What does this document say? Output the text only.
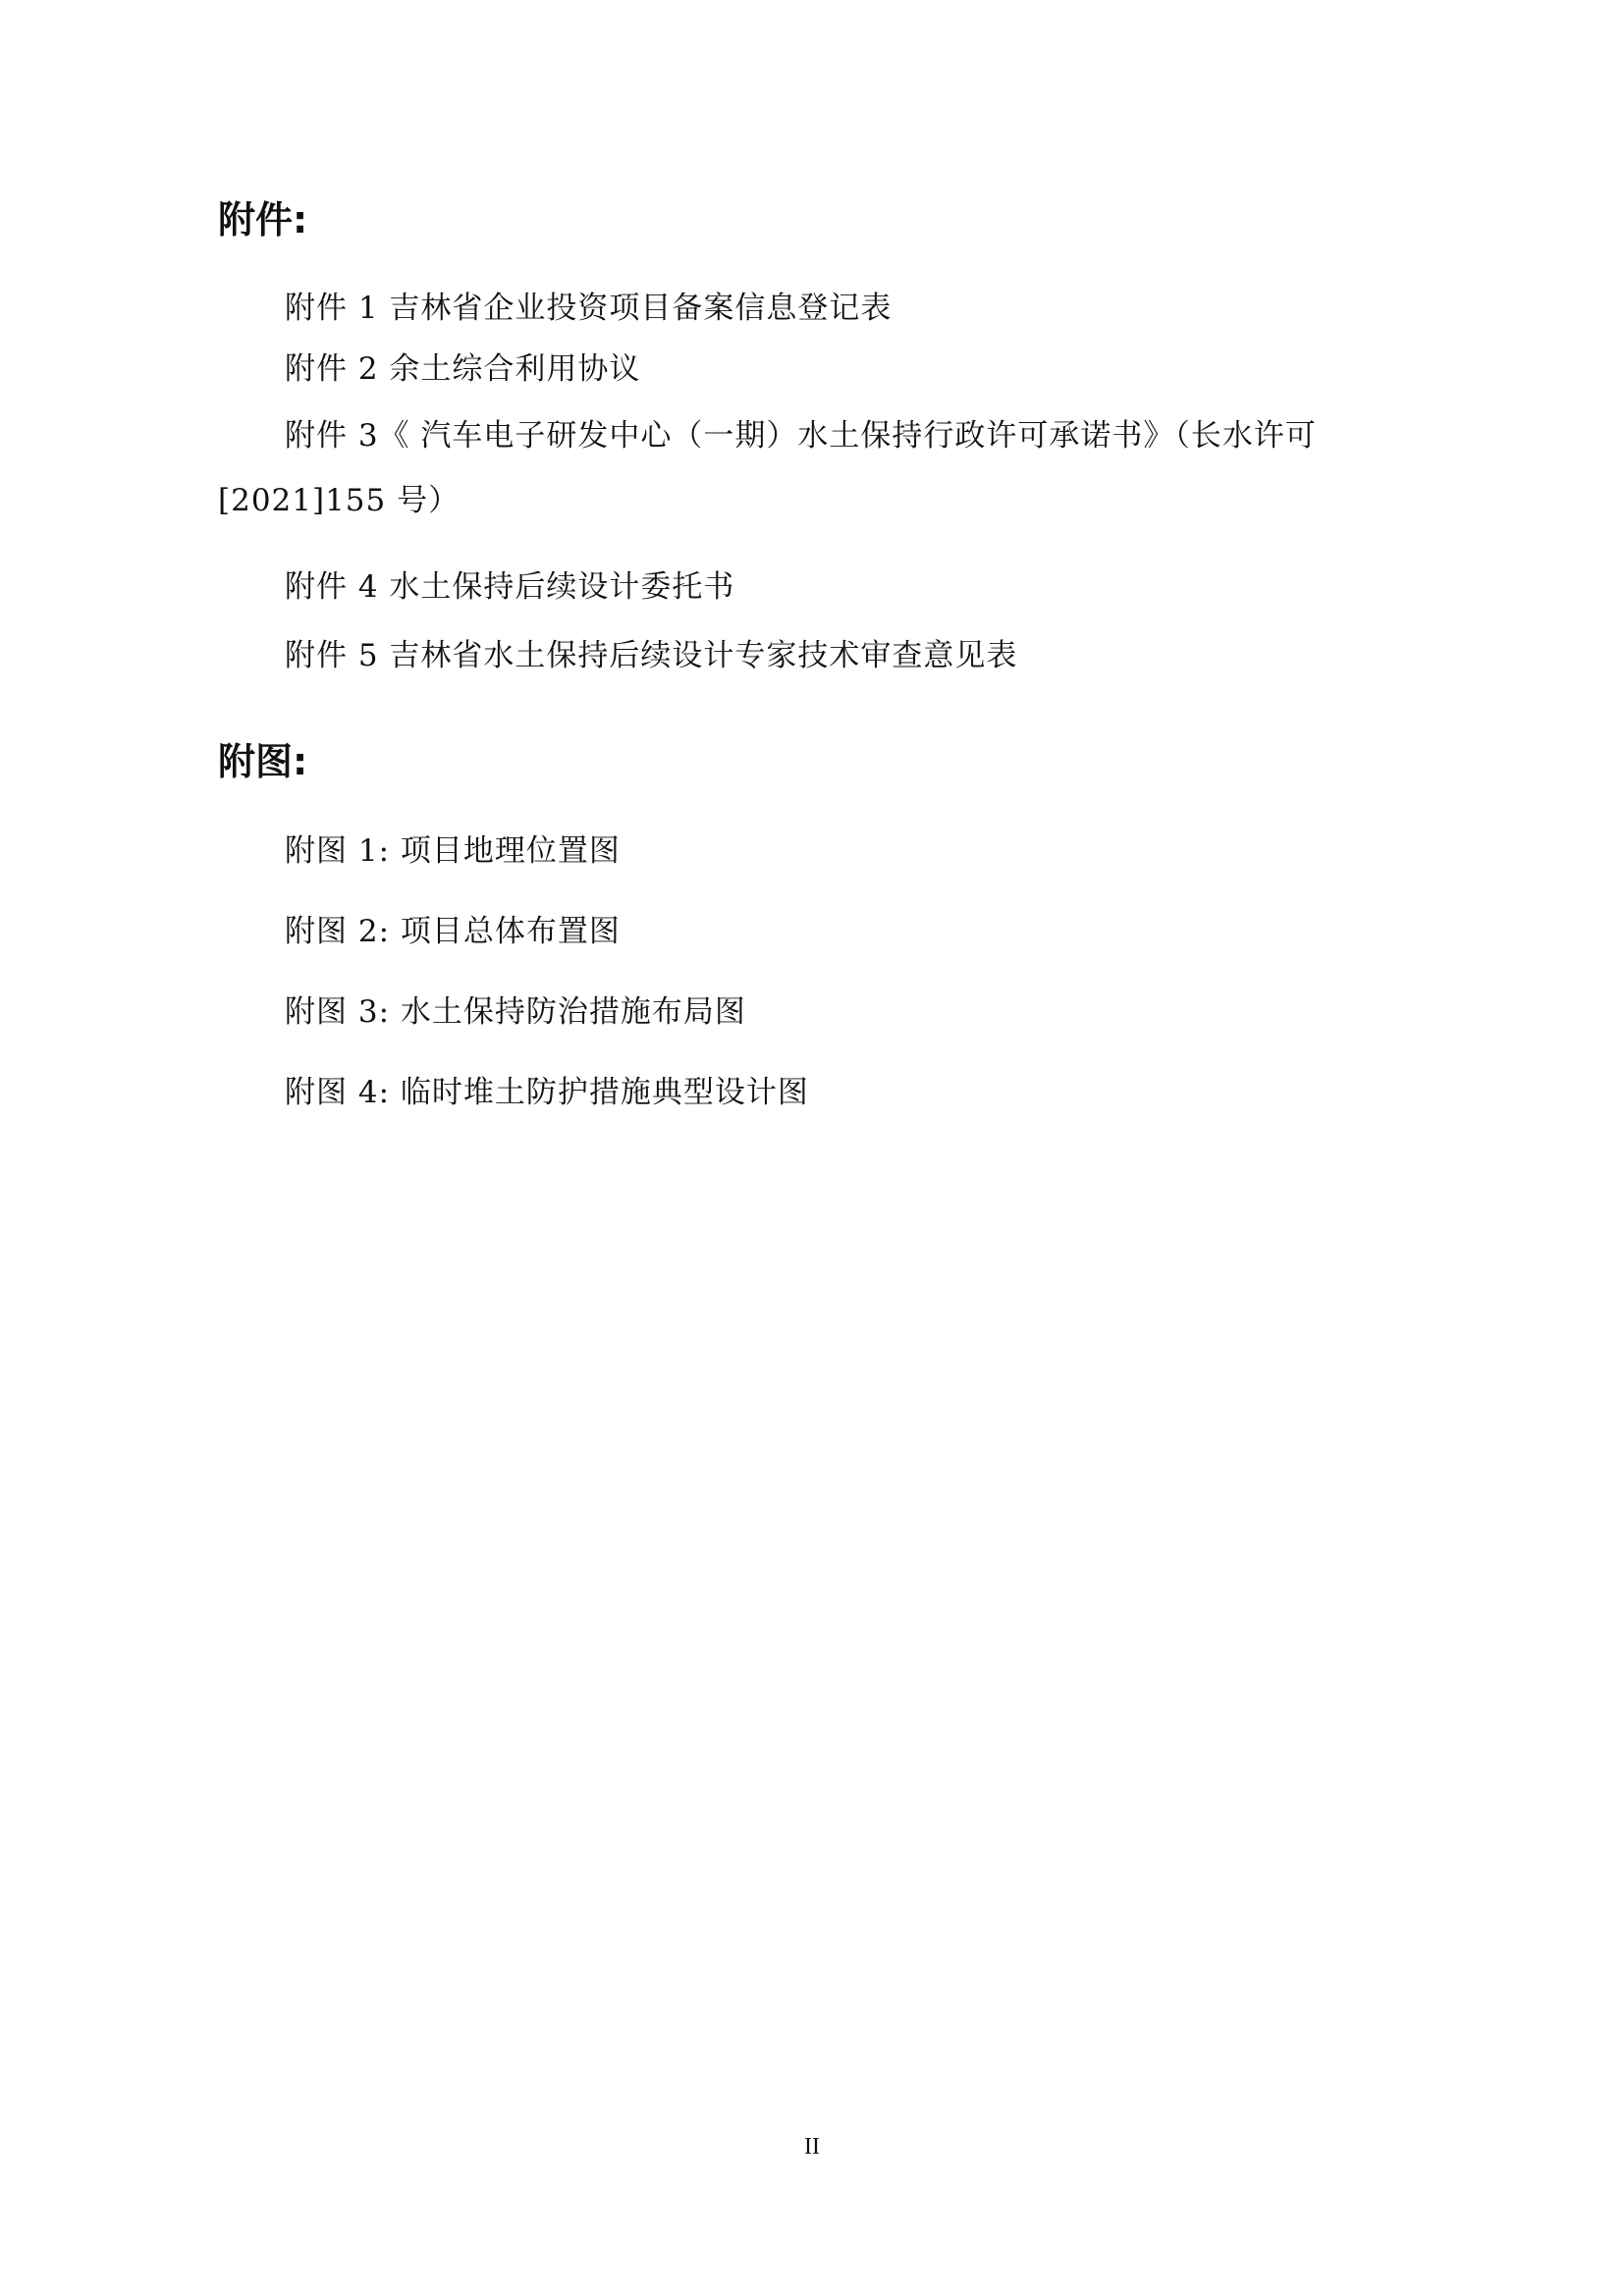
附件:
附件 1 吉林省企业投资项目备案信息登记表
附件 2 余土综合利用协议
附件 3《 汽车电子研发中心（一期）水土保持行政许可承诺书》（长水许可
[2021]155 号）
附件 4 水土保持后续设计委托书
附件 5 吉林省水土保持后续设计专家技术审查意见表
附图:
附图 1: 项目地理位置图
附图 2: 项目总体布置图
附图 3: 水土保持防治措施布局图
附图 4: 临时堆土防护措施典型设计图
II
